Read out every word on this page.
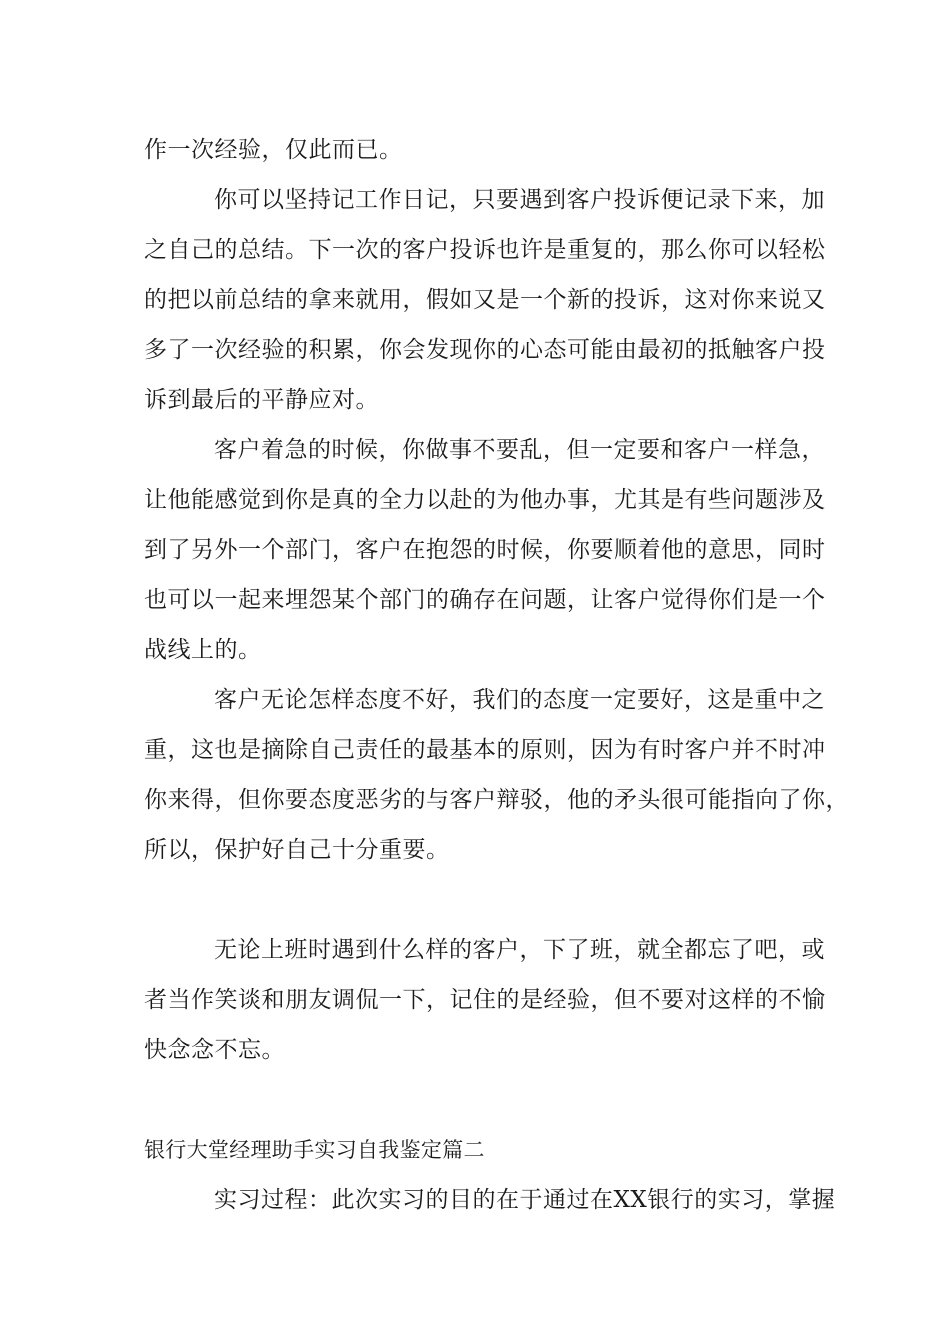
作一次经验，仅此而已。

你可以坚持记工作日记，只要遇到客户投诉便记录下来，加

之自己的总结。下一次的客户投诉也许是重复的，那么你可以轻松

的把以前总结的拿来就用，假如又是一个新的投诉，这对你来说又

多了一次经验的积累，你会发现你的心态可能由最初的抵触客户投

诉到最后的平静应对。

客户着急的时候，你做事不要乱，但一定要和客户一样急，

让他能感觉到你是真的全力以赴的为他办事，尤其是有些问题涉及

到了另外一个部门，客户在抱怨的时候，你要顺着他的意思，同时

也可以一起来埋怨某个部门的确存在问题，让客户觉得你们是一个

战线上的。

客户无论怎样态度不好，我们的态度一定要好，这是重中之

重，这也是摘除自己责任的最基本的原则，因为有时客户并不时冲

你来得，但你要态度恶劣的与客户辩驳，他的矛头很可能指向了你，

所以，保护好自己十分重要。

无论上班时遇到什么样的客户，下了班，就全都忘了吧，或

者当作笑谈和朋友调侃一下，记住的是经验，但不要对这样的不愉

快念念不忘。

银行大堂经理助手实习自我鉴定篇二

实习过程：此次实习的目的在于通过在XX银行的实习，掌握
